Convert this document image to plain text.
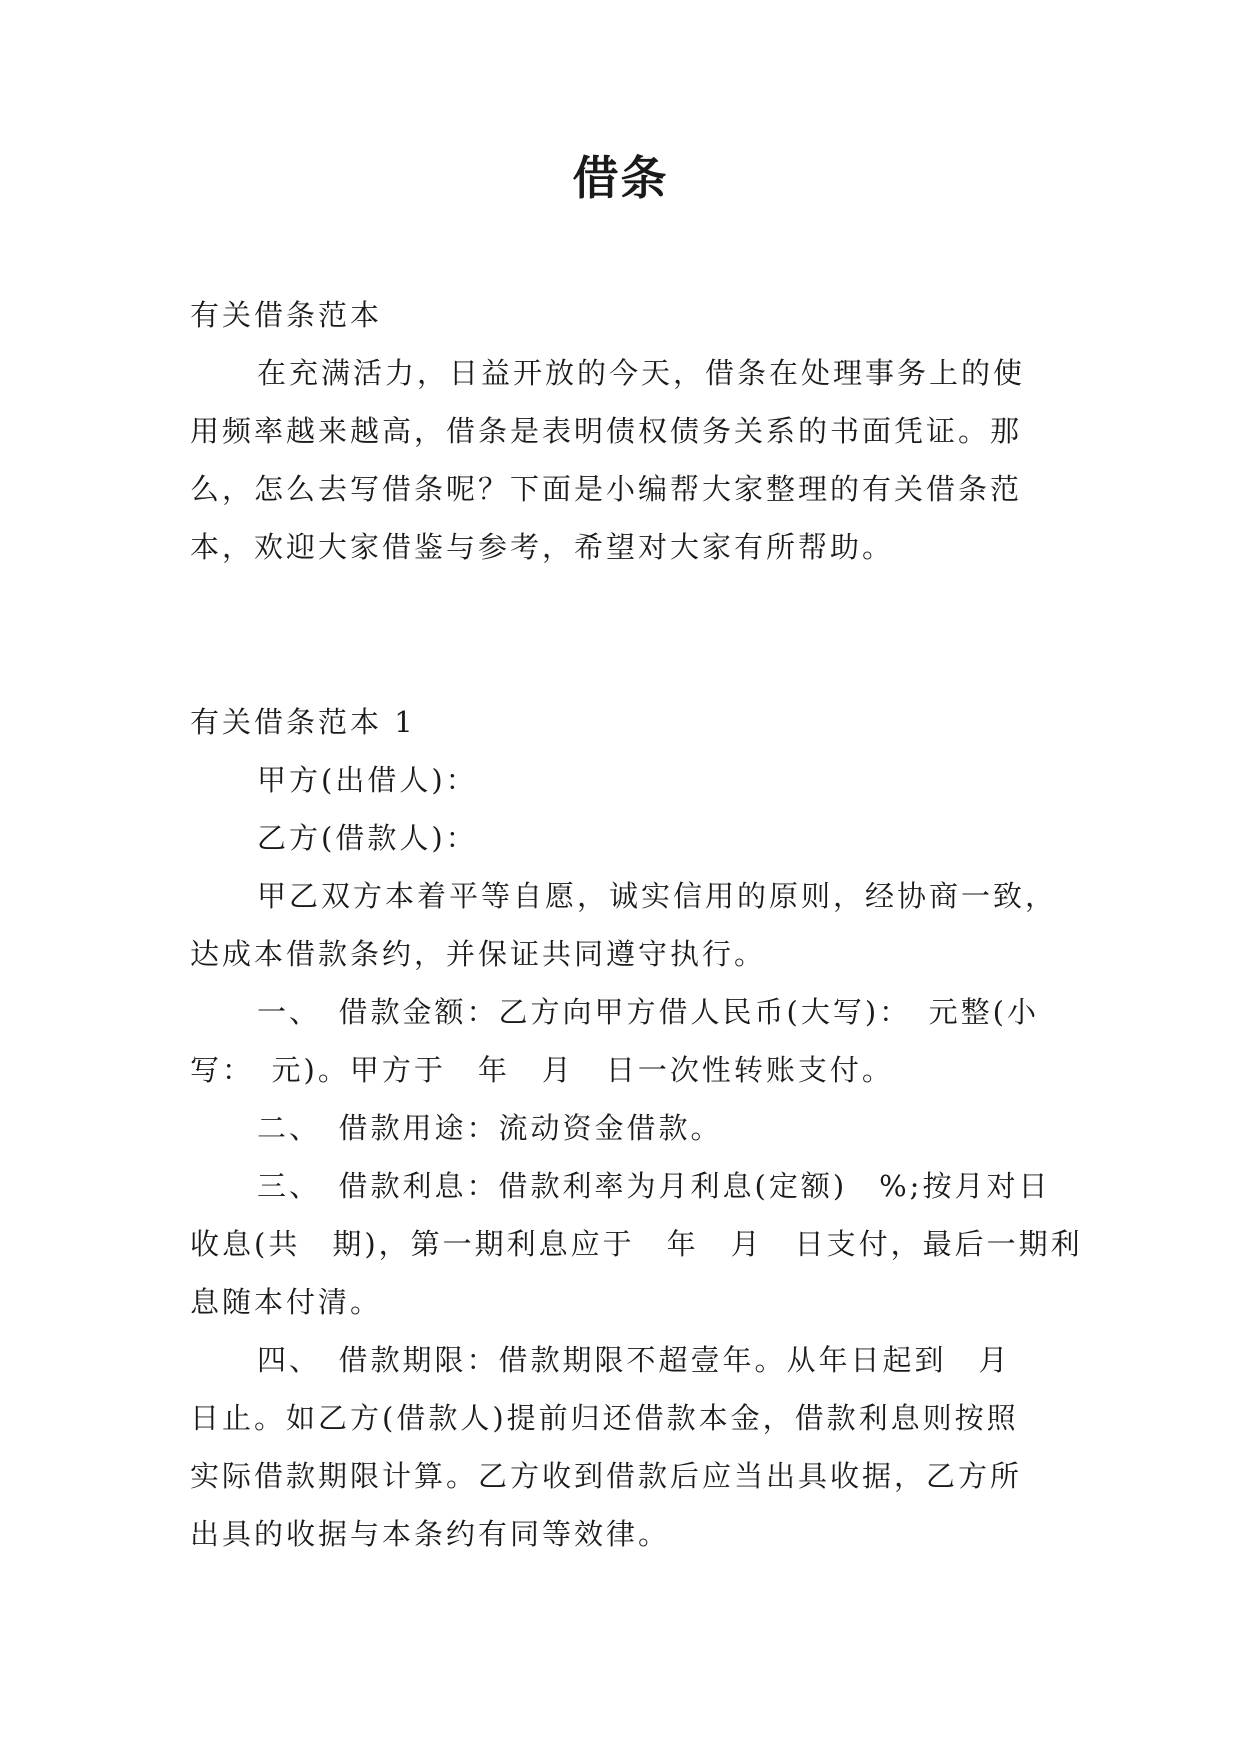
借条
有关借条范本
在充满活力，日益开放的今天，借条在处理事务上的使
用频率越来越高，借条是表明债权债务关系的书面凭证。那
么，怎么去写借条呢？下面是小编帮大家整理的有关借条范
本，欢迎大家借鉴与参考，希望对大家有所帮助。
有关借条范本 1
甲方(出借人)：
乙方(借款人)：
甲乙双方本着平等自愿，诚实信用的原则，经协商一致，
达成本借款条约，并保证共同遵守执行。
一、　借款金额：乙方向甲方借人民币(大写)：　元整(小
写：　元)。甲方于　年　月　日一次性转账支付。
二、　借款用途：流动资金借款。
三、　借款利息：借款利率为月利息(定额)　%;按月对日
收息(共　期)，第一期利息应于　年　月　日支付，最后一期利
息随本付清。
四、　借款期限：借款期限不超壹年。从年日起到　月
日止。如乙方(借款人)提前归还借款本金，借款利息则按照
实际借款期限计算。乙方收到借款后应当出具收据，乙方所
出具的收据与本条约有同等效律。
